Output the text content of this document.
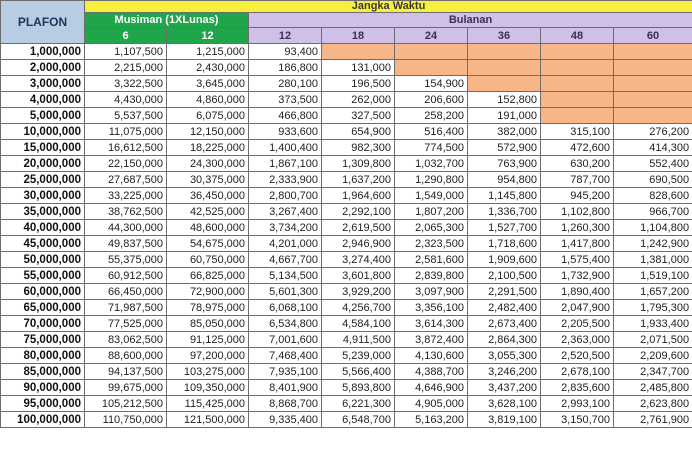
PLAFON	Jangka Waktu							
	Musiman (1XLunas)		Bulanan					
	6	12	12	18	24	36	48	60
1,000,000	1,107,500	1,215,000	93,400					
2,000,000	2,215,000	2,430,000	186,800	131,000				
3,000,000	3,322,500	3,645,000	280,100	196,500	154,900			
4,000,000	4,430,000	4,860,000	373,500	262,000	206,600	152,800		
5,000,000	5,537,500	6,075,000	466,800	327,500	258,200	191,000		
10,000,000	11,075,000	12,150,000	933,600	654,900	516,400	382,000	315,100	276,200
15,000,000	16,612,500	18,225,000	1,400,400	982,300	774,500	572,900	472,600	414,300
20,000,000	22,150,000	24,300,000	1,867,100	1,309,800	1,032,700	763,900	630,200	552,400
25,000,000	27,687,500	30,375,000	2,333,900	1,637,200	1,290,800	954,800	787,700	690,500
30,000,000	33,225,000	36,450,000	2,800,700	1,964,600	1,549,000	1,145,800	945,200	828,600
35,000,000	38,762,500	42,525,000	3,267,400	2,292,100	1,807,200	1,336,700	1,102,800	966,700
40,000,000	44,300,000	48,600,000	3,734,200	2,619,500	2,065,300	1,527,700	1,260,300	1,104,800
45,000,000	49,837,500	54,675,000	4,201,000	2,946,900	2,323,500	1,718,600	1,417,800	1,242,900
50,000,000	55,375,000	60,750,000	4,667,700	3,274,400	2,581,600	1,909,600	1,575,400	1,381,000
55,000,000	60,912,500	66,825,000	5,134,500	3,601,800	2,839,800	2,100,500	1,732,900	1,519,100
60,000,000	66,450,000	72,900,000	5,601,300	3,929,200	3,097,900	2,291,500	1,890,400	1,657,200
65,000,000	71,987,500	78,975,000	6,068,100	4,256,700	3,356,100	2,482,400	2,047,900	1,795,300
70,000,000	77,525,000	85,050,000	6,534,800	4,584,100	3,614,300	2,673,400	2,205,500	1,933,400
75,000,000	83,062,500	91,125,000	7,001,600	4,911,500	3,872,400	2,864,300	2,363,000	2,071,500
80,000,000	88,600,000	97,200,000	7,468,400	5,239,000	4,130,600	3,055,300	2,520,500	2,209,600
85,000,000	94,137,500	103,275,000	7,935,100	5,566,400	4,388,700	3,246,200	2,678,100	2,347,700
90,000,000	99,675,000	109,350,000	8,401,900	5,893,800	4,646,900	3,437,200	2,835,600	2,485,800
95,000,000	105,212,500	115,425,000	8,868,700	6,221,300	4,905,000	3,628,100	2,993,100	2,623,800
100,000,000	110,750,000	121,500,000	9,335,400	6,548,700	5,163,200	3,819,100	3,150,700	2,761,900
